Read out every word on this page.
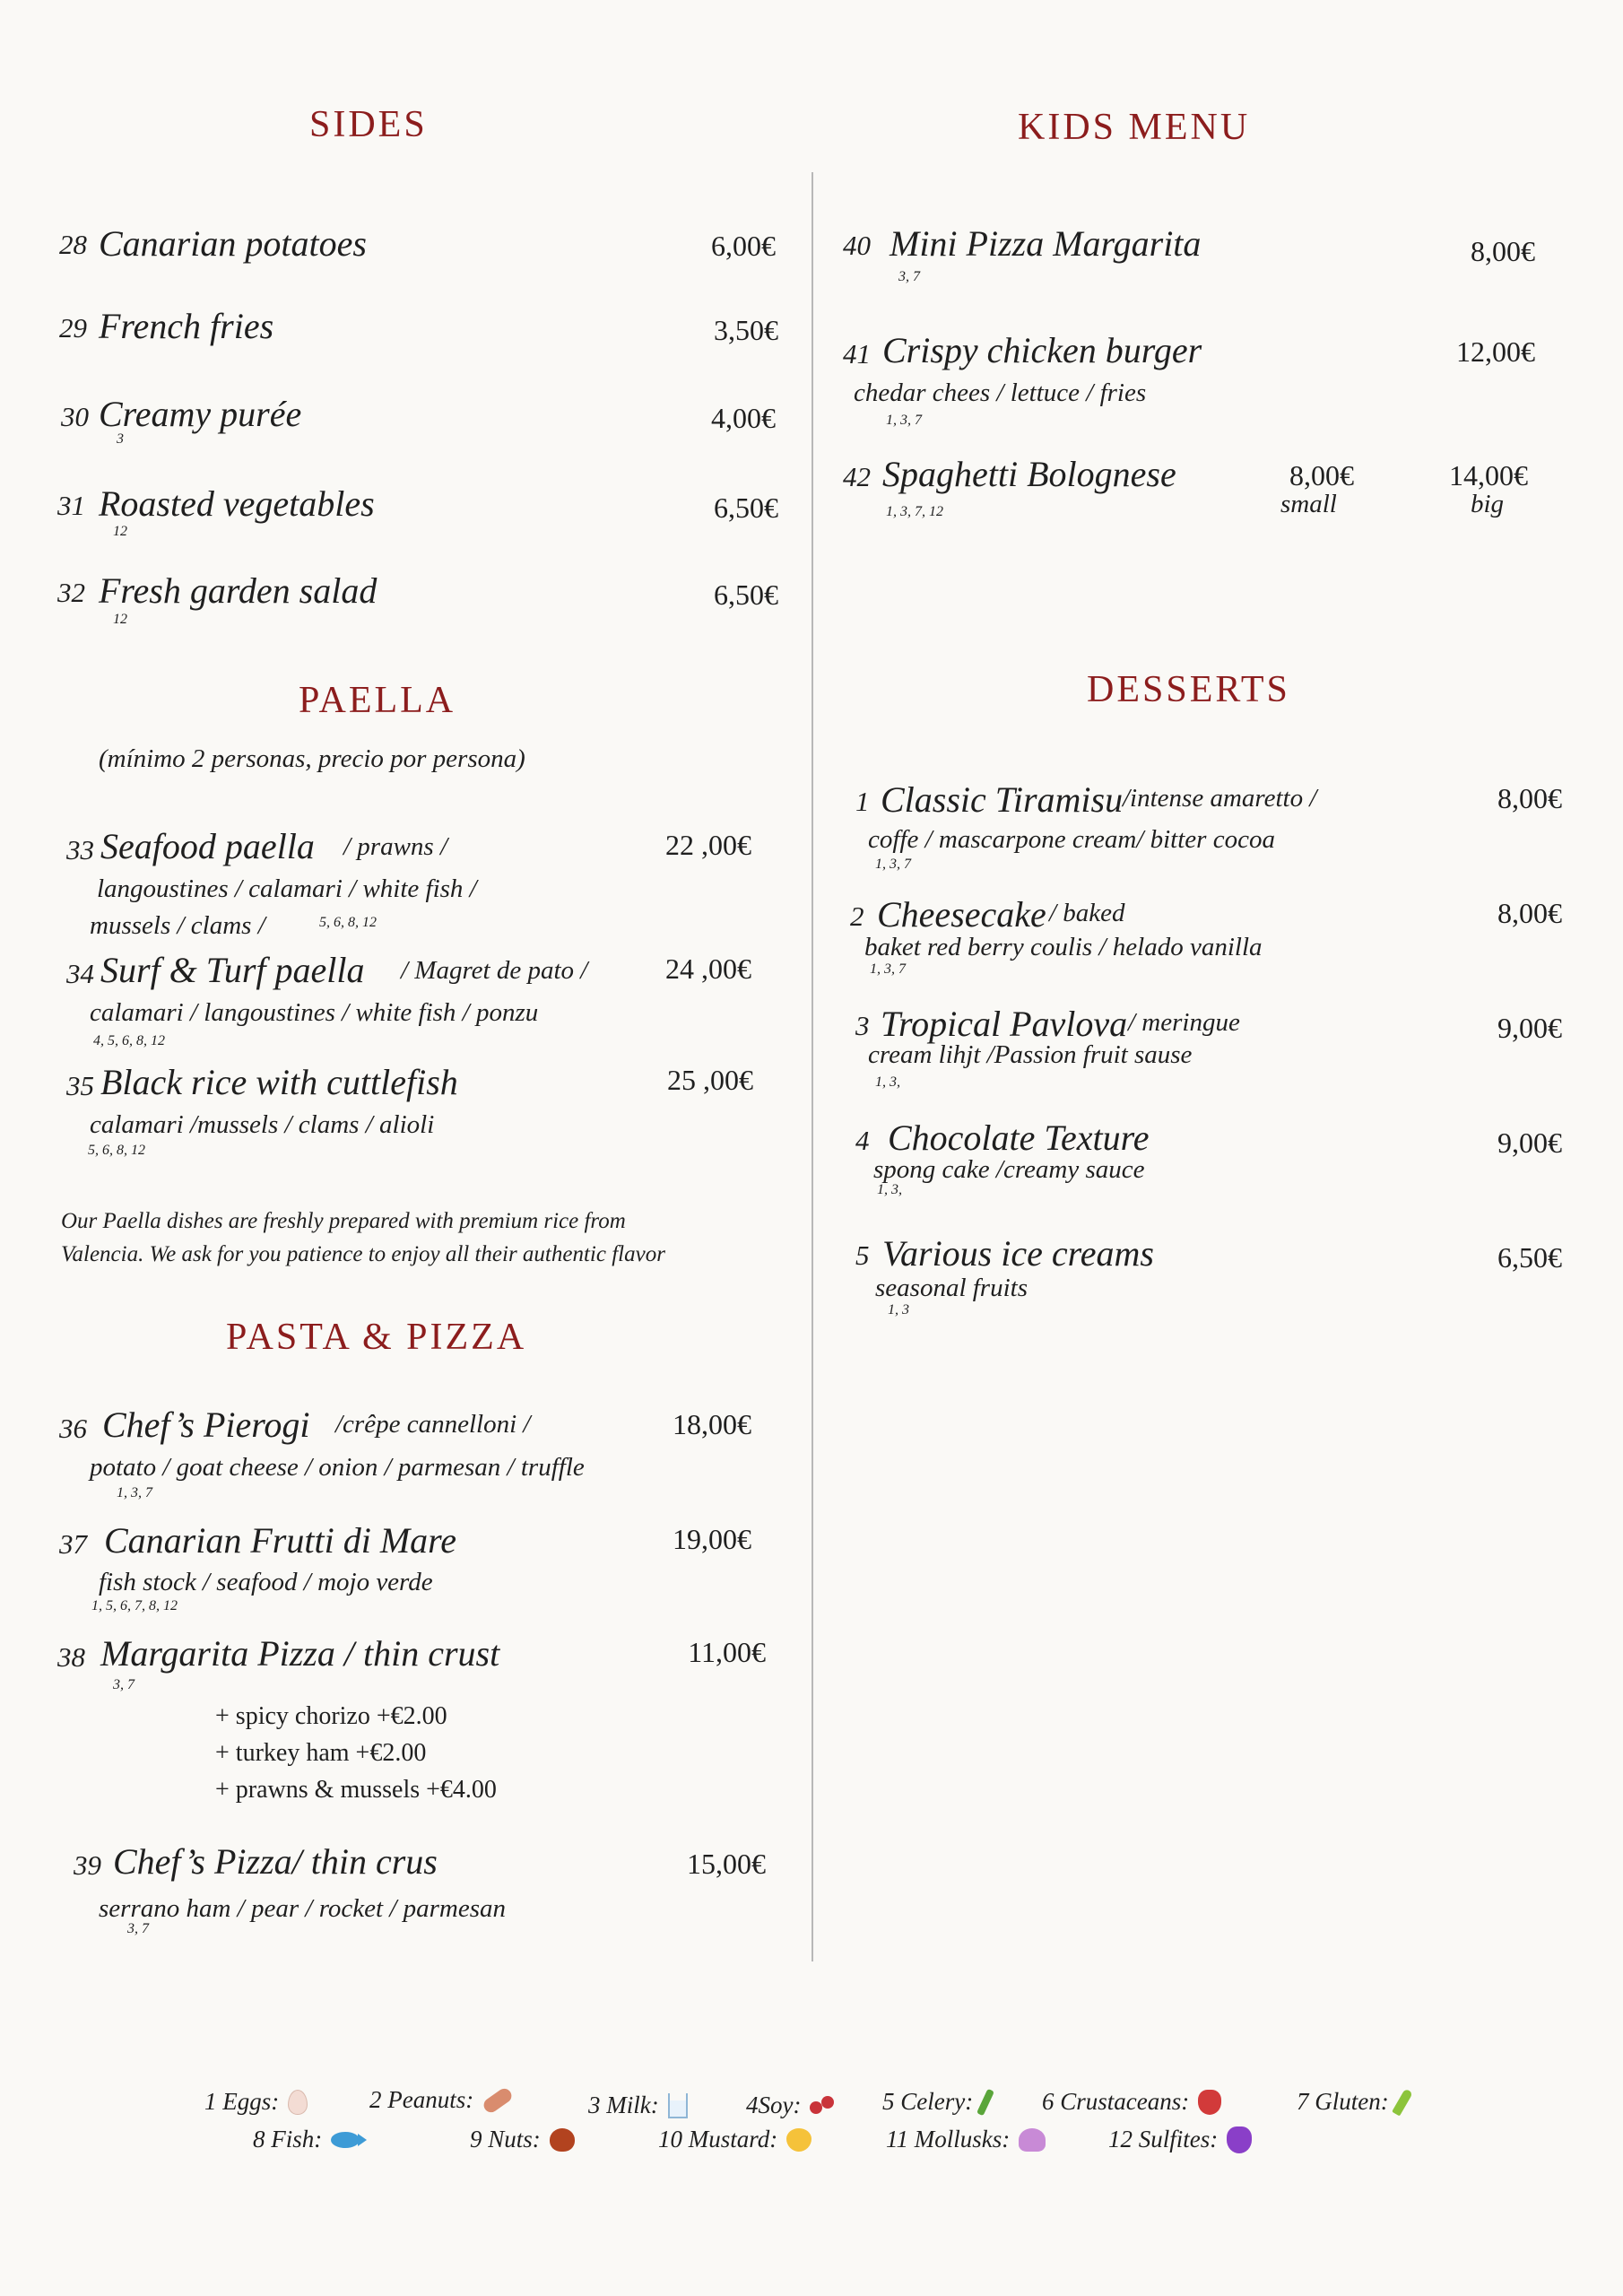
SIDES
28 Canarian potatoes	6,00€
29 French fries	3,50€
30 Creamy purée
3
4,00€
31 Roasted vegetables
12
6,50€
32 Fresh garden salad
12
6,50€
PAELLA
(mínimo 2 personas, precio por persona)
33 Seafood paella / prawns /
langoustines / calamari / white fish /
mussels / clams /	5, 6, 8, 12
22 ,00€
34 Surf & Turf paella / Magret de pato /
calamari / langoustines / white fish / ponzu
4, 5, 6, 8, 12
24 ,00€
35 Black rice with cuttlefish
calamari /mussels / clams / alioli
5, 6, 8, 12
25 ,00€
Our Paella dishes are freshly prepared with premium rice from
Valencia. We ask for you patience to enjoy all their authentic flavor
PASTA & PIZZA
36 Chef’s Pierogi /crêpe cannelloni /
potato / goat cheese / onion / parmesan / truffle
1, 3, 7
18,00€
37 Canarian Frutti di Mare
fish stock / seafood / mojo verde
1, 5, 6, 7, 8, 12
19,00€
38 Margarita Pizza / thin crust
3, 7
11,00€
+ spicy chorizo +€2.00
+ turkey ham +€2.00
+ prawns & mussels +€4.00
39 Chef’s Pizza/ thin crus
serrano ham / pear / rocket / parmesan
3, 7
15,00€
KIDS MENU
40 Mini Pizza Margarita
3, 7
8,00€
41 Crispy chicken burger
chedar chees / lettuce / fries
1, 3, 7
12,00€
42 Spaghetti Bolognese
1, 3, 7, 12
8,00€
small
14,00€
big
DESSERTS
1 Classic Tiramisu /intense amaretto /
coffe / mascarpone cream/ bitter cocoa
1, 3, 7
8,00€
2 Cheesecake / baked
baket red berry coulis / helado vanilla
1, 3, 7
8,00€
3 Tropical Pavlova / meringue
cream lihjt /Passion fruit sause
1, 3,
9,00€
4 Chocolate Texture
spong cake /creamy sauce
1, 3,
9,00€
5 Various ice creams
seasonal fruits
1, 3
6,50€
1 Eggs:	2 Peanuts:	3 Milk:	4Soy:	5 Celery:	6 Crustaceans:	7 Gluten:
8 Fish:	9 Nuts:	10 Mustard:	11 Mollusks:	12 Sulfites:
